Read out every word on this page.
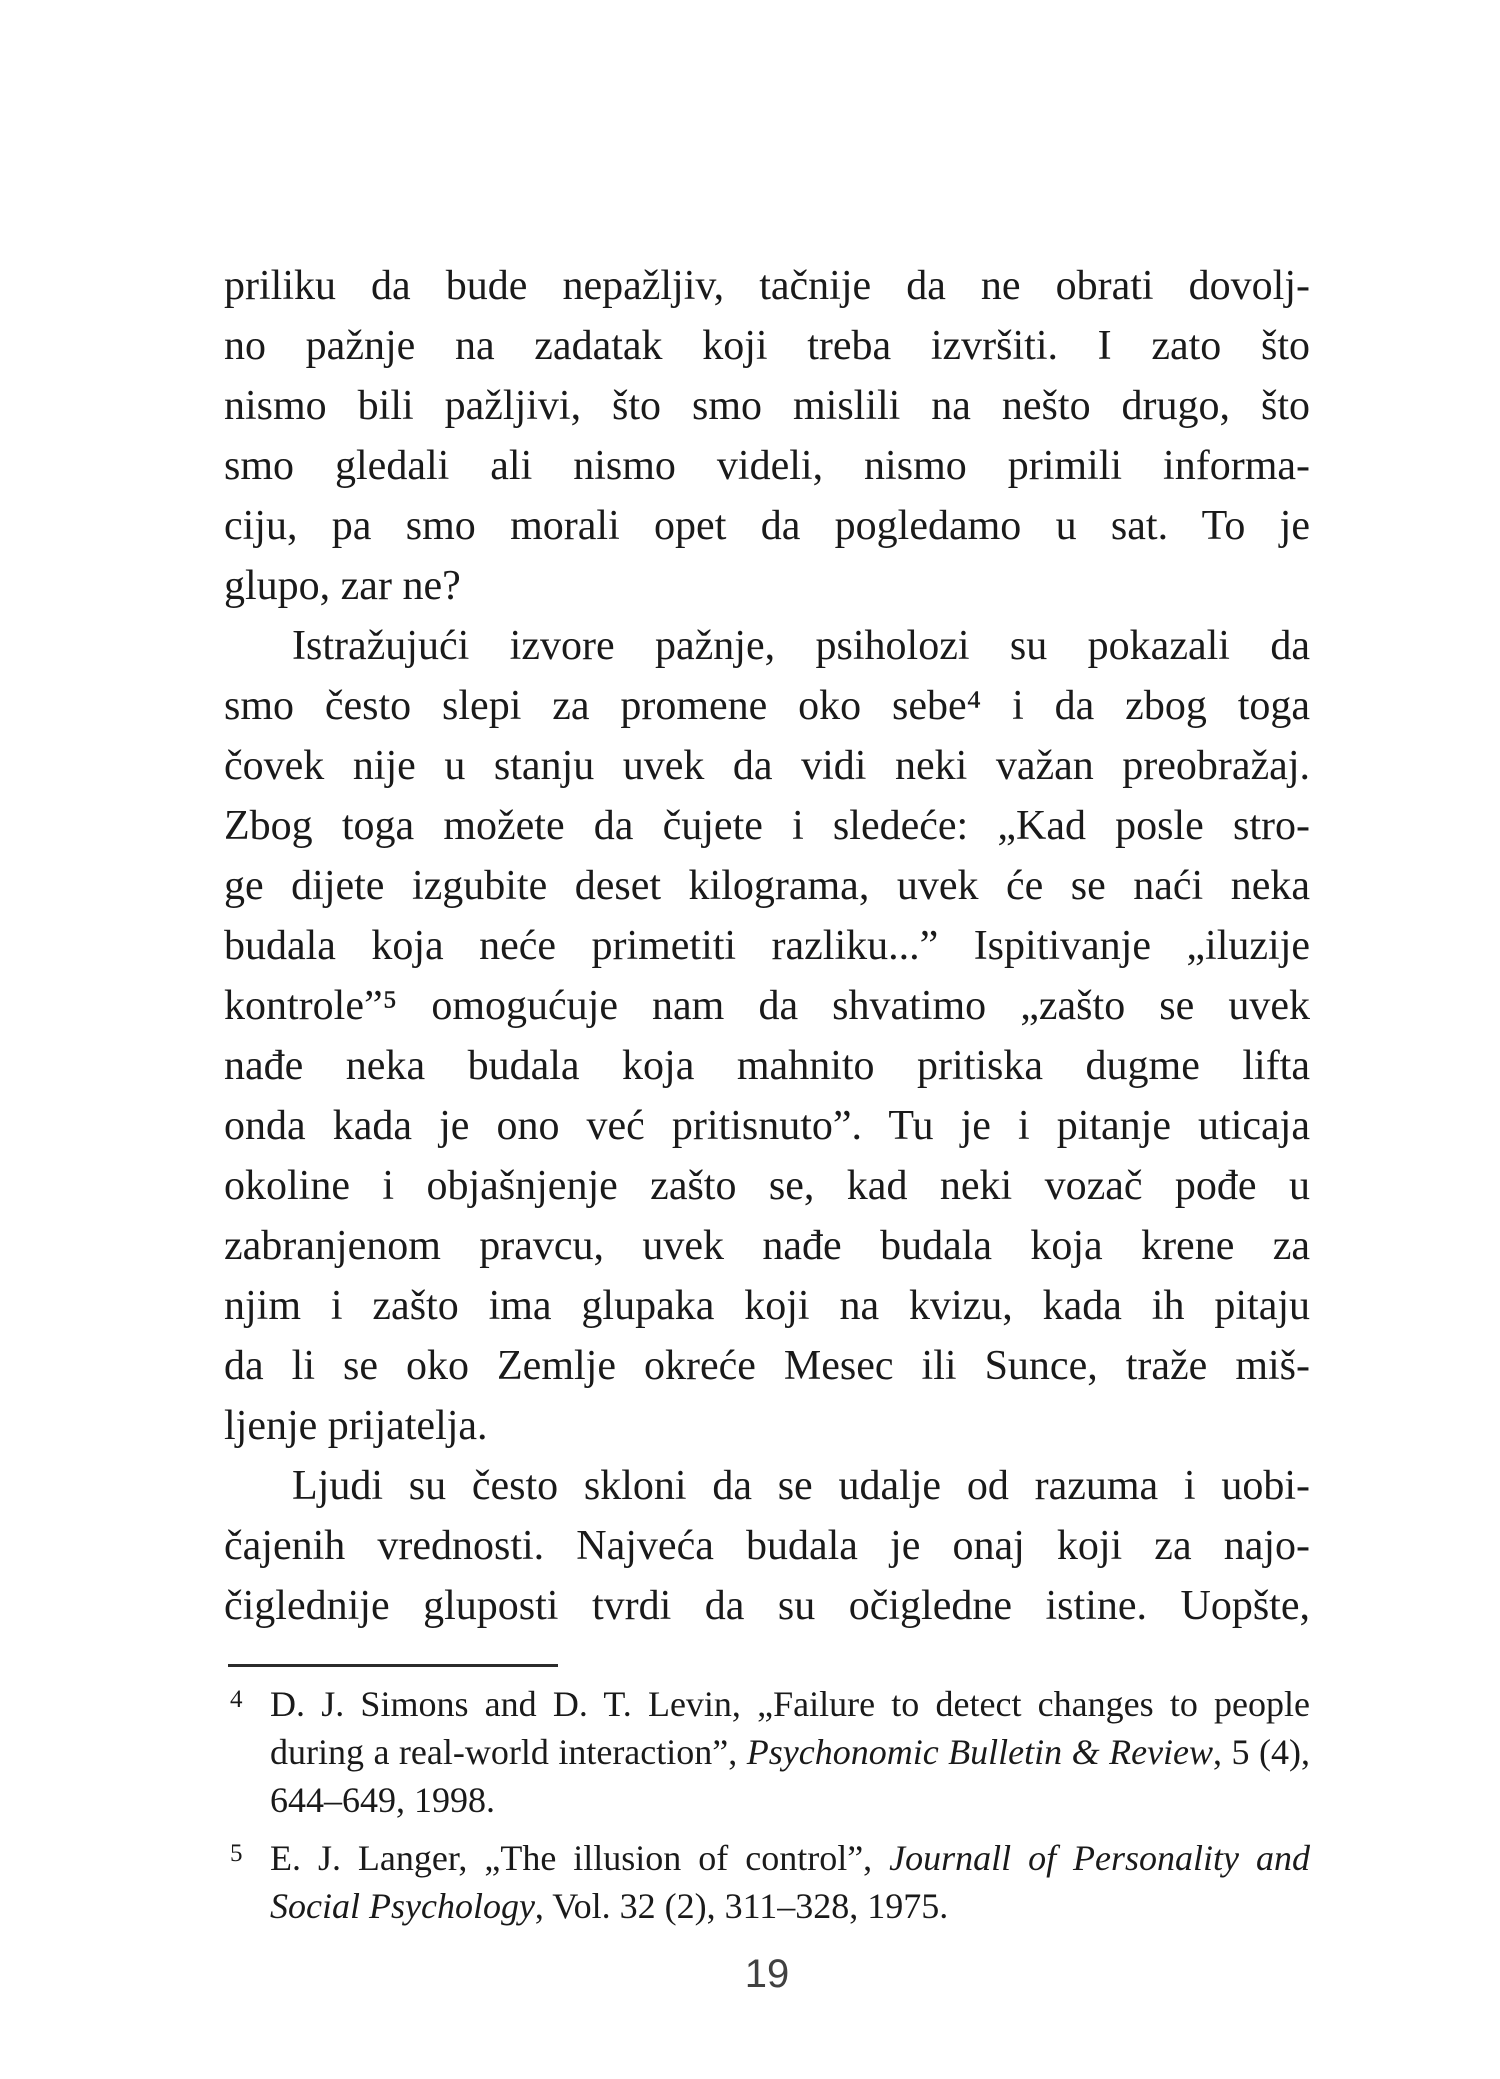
priliku da bude nepažljiv, tačnije da ne obrati dovolj-
no pažnje na zadatak koji treba izvršiti. I zato što
nismo bili pažljivi, što smo mislili na nešto drugo, što
smo gledali ali nismo videli, nismo primili informa-
ciju, pa smo morali opet da pogledamo u sat. To je
glupo, zar ne?
Istražujući izvore pažnje, psiholozi su pokazali da
smo često slepi za promene oko sebe⁴ i da zbog toga
čovek nije u stanju uvek da vidi neki važan preobražaj.
Zbog toga možete da čujete i sledeće: „Kad posle stro-
ge dijete izgubite deset kilograma, uvek će se naći neka
budala koja neće primetiti razliku...” Ispitivanje „iluzije
kontrole”⁵ omogućuje nam da shvatimo „zašto se uvek
nađe neka budala koja mahnito pritiska dugme lifta
onda kada je ono već pritisnuto”. Tu je i pitanje uticaja
okoline i objašnjenje zašto se, kad neki vozač pođe u
zabranjenom pravcu, uvek nađe budala koja krene za
njim i zašto ima glupaka koji na kvizu, kada ih pitaju
da li se oko Zemlje okreće Mesec ili Sunce, traže miš-
ljenje prijatelja.
Ljudi su često skloni da se udalje od razuma i uobi-
čajenih vrednosti. Najveća budala je onaj koji za najo-
čiglednije gluposti tvrdi da su očigledne istine. Uopšte,
4 D. J. Simons and D. T. Levin, „Failure to detect changes to people during a real-world interaction”, Psychonomic Bulletin & Review, 5 (4), 644–649, 1998.
5 E. J. Langer, „The illusion of control”, Journall of Personality and Social Psychology, Vol. 32 (2), 311–328, 1975.
19
